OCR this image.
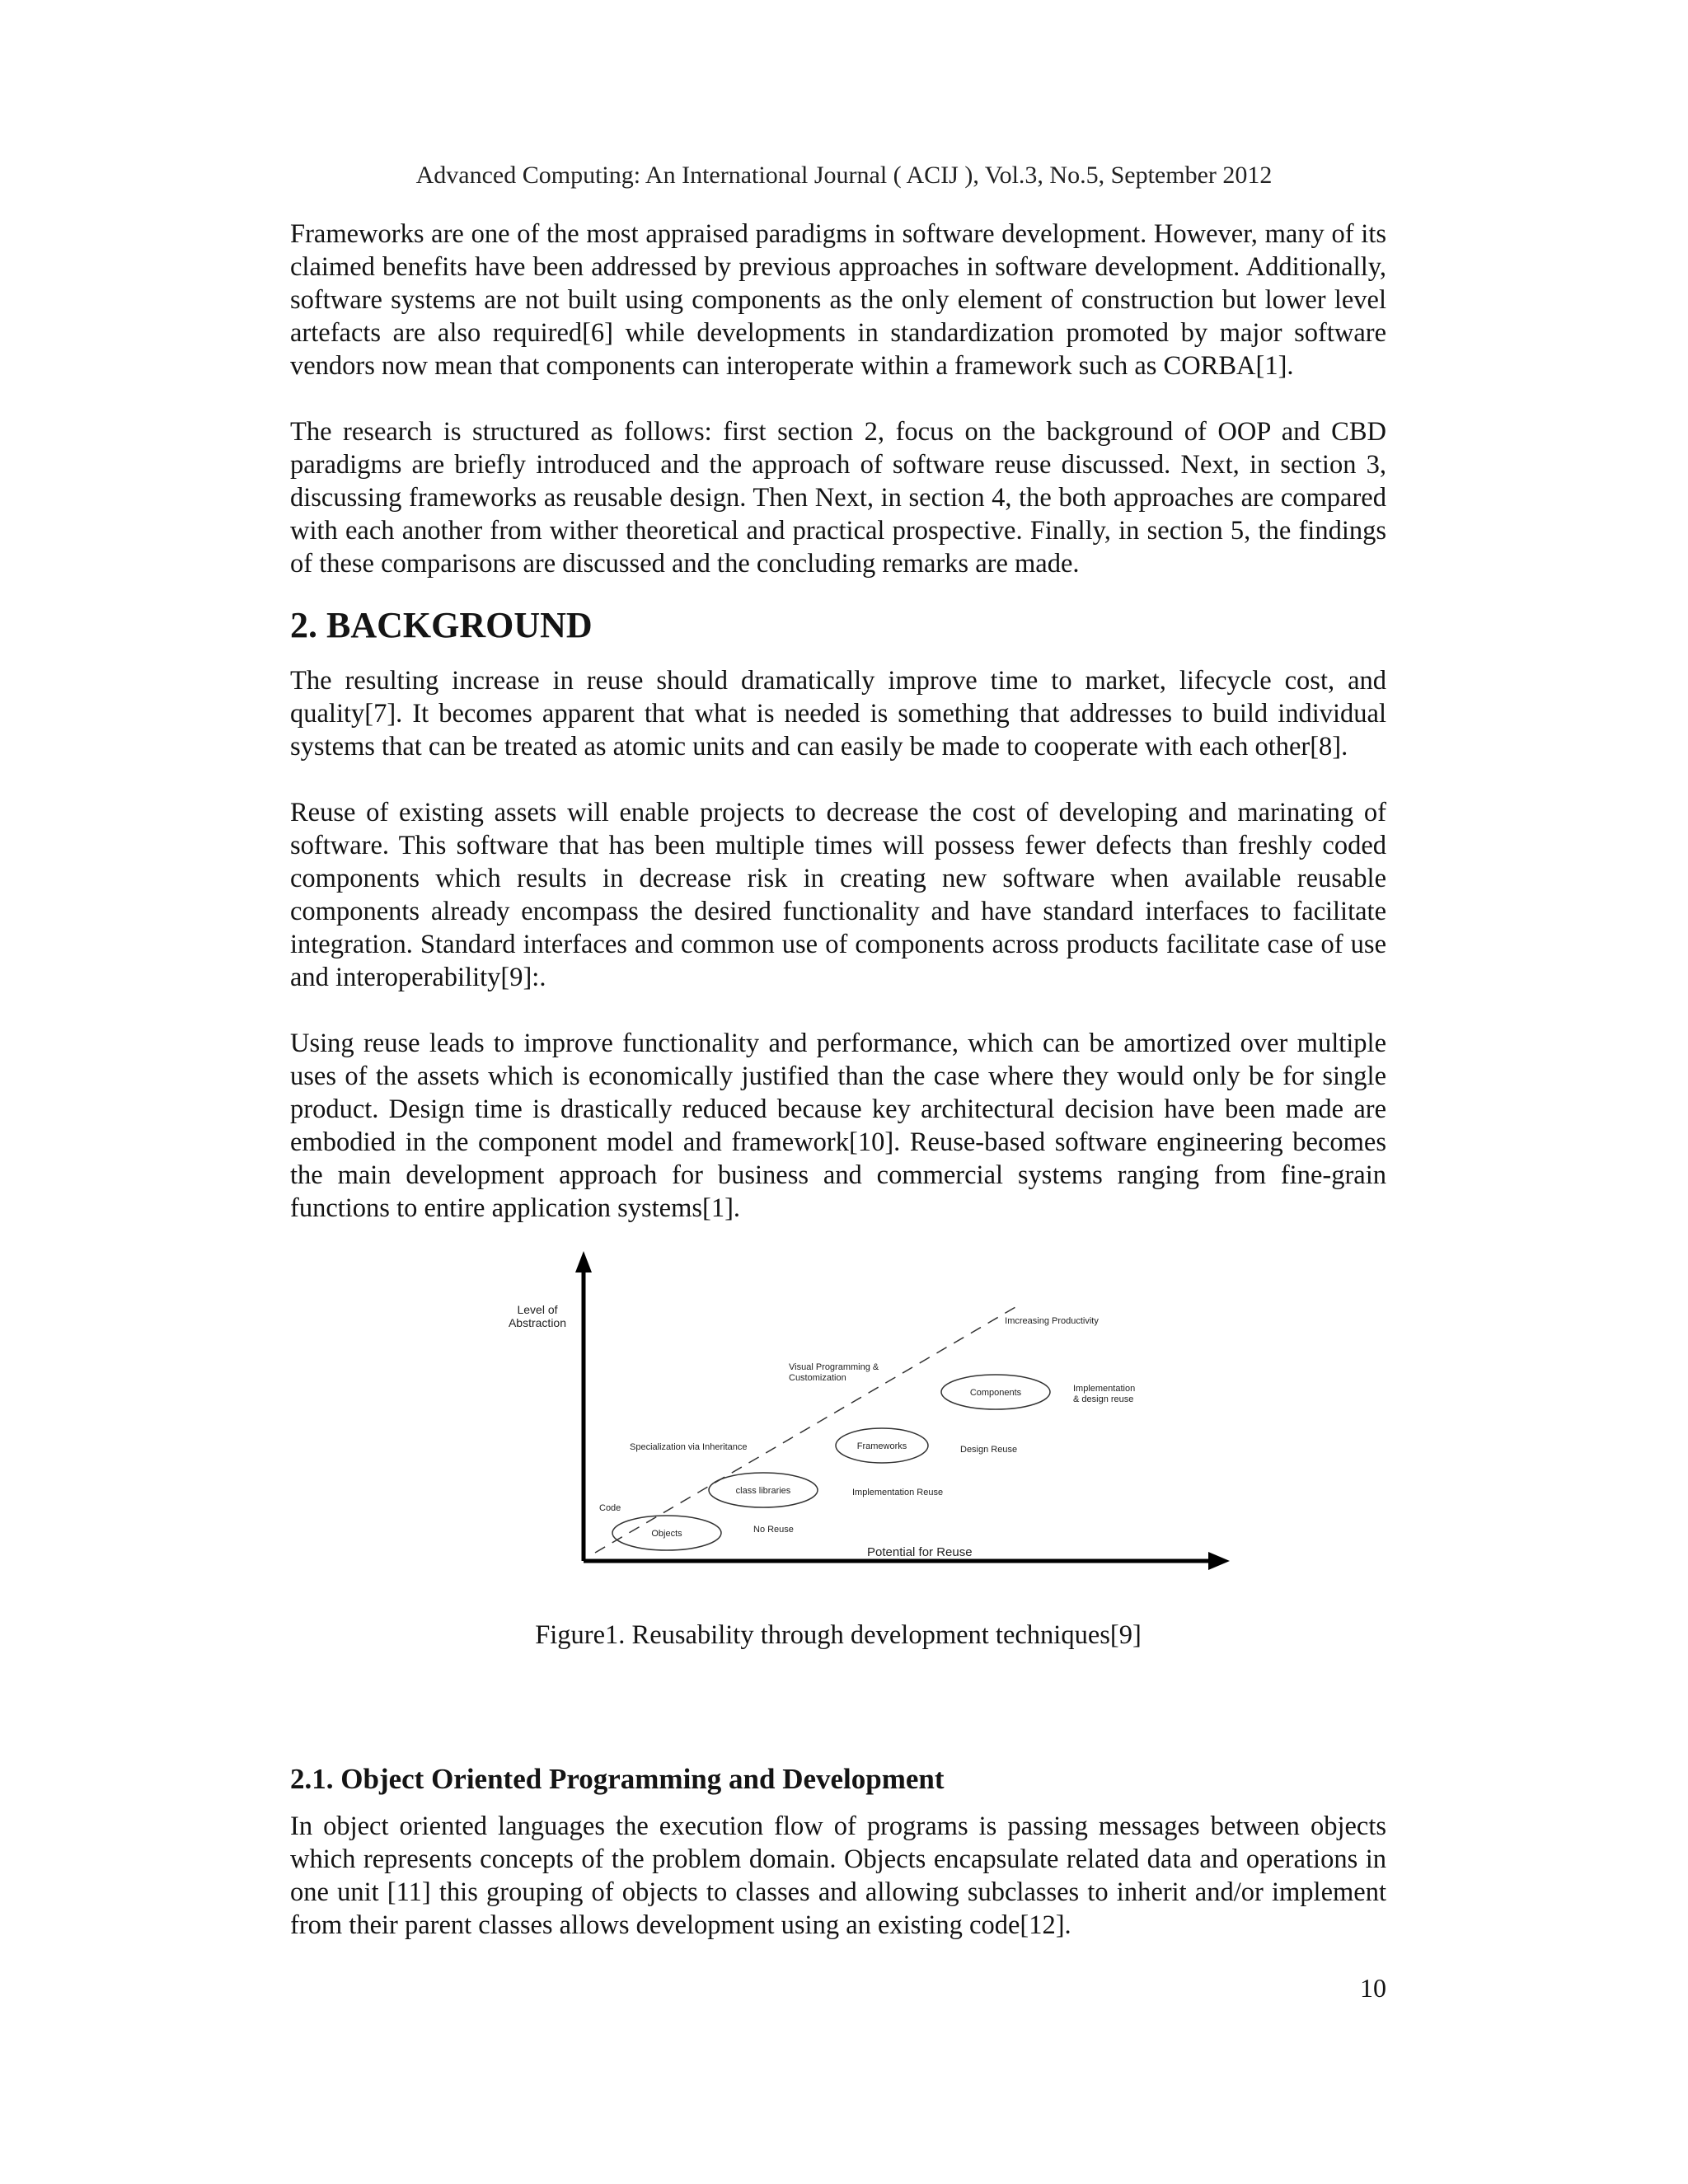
Advanced Computing: An International Journal ( ACIJ ), Vol.3, No.5, September 2012

Frameworks are one of the most appraised paradigms in software development. However, many of its claimed benefits have been addressed by previous approaches in software development. Additionally, software systems are not built using components as the only element of construction but lower level artefacts are also required[6] while developments in standardization promoted by major software vendors now mean that components can interoperate within a framework such as CORBA[1].

The research is structured as follows: first section 2, focus on the background of OOP and CBD paradigms are briefly introduced and the approach of software reuse discussed. Next, in section 3, discussing frameworks as reusable design. Then Next, in section 4, the both approaches are compared with each another from wither theoretical and practical prospective. Finally, in section 5, the findings of these comparisons are discussed and the concluding remarks are made.

2. BACKGROUND

The resulting increase in reuse should dramatically improve time to market, lifecycle cost, and quality[7]. It becomes apparent that what is needed is something that addresses to build individual systems that can be treated as atomic units and can easily be made to cooperate with each other[8].

Reuse of existing assets will enable projects to decrease the cost of developing and marinating of software. This software that has been multiple times will possess fewer defects than freshly coded components which results in decrease risk in creating new software when available reusable components already encompass the desired functionality and have standard interfaces to facilitate integration. Standard interfaces and common use of components across products facilitate case of use and interoperability[9]:.

Using reuse leads to improve functionality and performance, which can be amortized over multiple uses of the assets which is economically justified than the case where they would only be for single product. Design time is drastically reduced because key architectural decision have been made are embodied in the component model and framework[10]. Reuse-based software engineering becomes the main development approach for business and commercial systems ranging from fine-grain functions to entire application systems[1].

Level of
Abstraction
Potential for Reuse
Objects
class libraries
Frameworks
Components
Code
No Reuse
Implementation Reuse
Specialization via Inheritance	Design Reuse
Visual Programming &
Customization
Implementation
& design reuse
Imcreasing Productivity

Figure1. Reusability through development techniques[9]

2.1. Object Oriented Programming and Development

In object oriented languages the execution flow of programs is passing messages between objects which represents concepts of the problem domain. Objects encapsulate related data and operations in one unit [11] this grouping of objects to classes and allowing subclasses to inherit and/or implement from their parent classes allows development using an existing code[12].

10
